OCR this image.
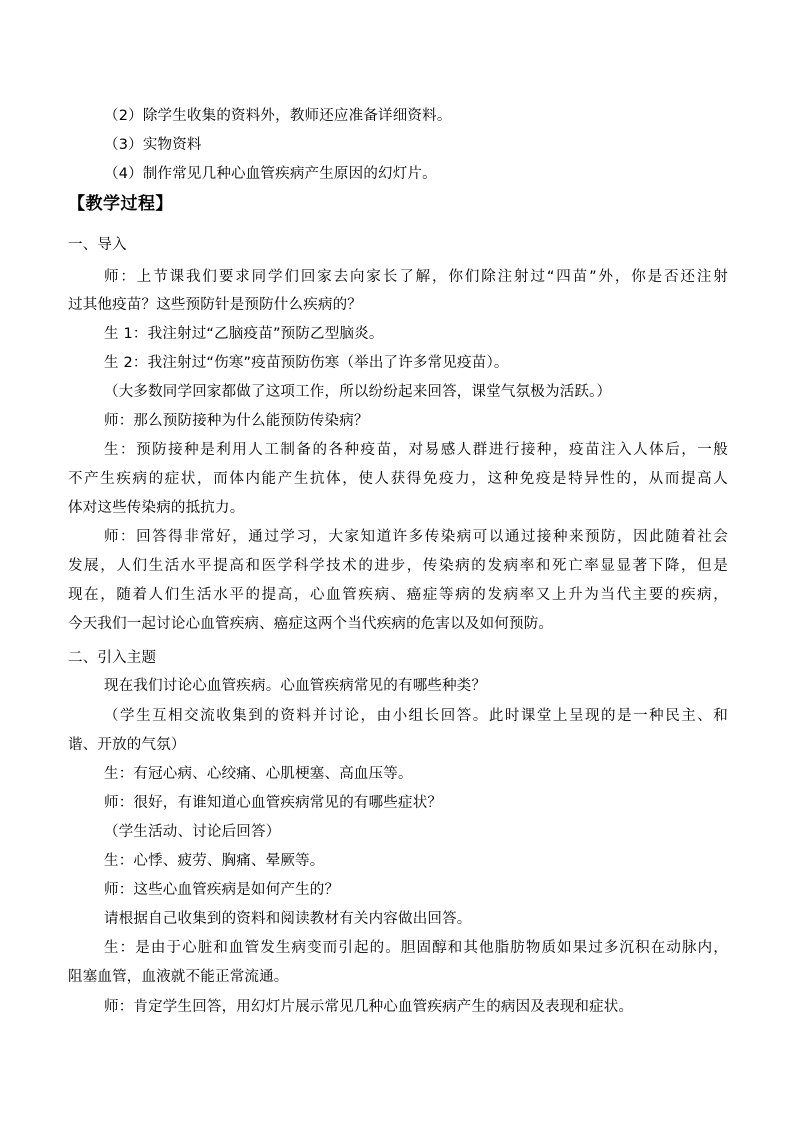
（2）除学生收集的资料外，教师还应准备详细资料。
（3）实物资料
（4）制作常见几种心血管疾病产生原因的幻灯片。
【教学过程】
一、导入
师：上节课我们要求同学们回家去向家长了解，你们除注射过“四苗”外，你是否还注射
过其他疫苗？这些预防针是预防什么疾病的？
生 1：我注射过“乙脑疫苗”预防乙型脑炎。
生 2：我注射过“伤寒”疫苗预防伤寒（举出了许多常见疫苗）。
（大多数同学回家都做了这项工作，所以纷纷起来回答，课堂气氛极为活跃。）
师：那么预防接种为什么能预防传染病？
生：预防接种是利用人工制备的各种疫苗，对易感人群进行接种，疫苗注入人体后，一般
不产生疾病的症状，而体内能产生抗体，使人获得免疫力，这种免疫是特异性的，从而提高人
体对这些传染病的抵抗力。
师：回答得非常好，通过学习，大家知道许多传染病可以通过接种来预防，因此随着社会
发展，人们生活水平提高和医学科学技术的进步，传染病的发病率和死亡率显显著下降，但是
现在，随着人们生活水平的提高，心血管疾病、癌症等病的发病率又上升为当代主要的疾病，
今天我们一起讨论心血管疾病、癌症这两个当代疾病的危害以及如何预防。
二、引入主题
现在我们讨论心血管疾病。心血管疾病常见的有哪些种类？
（学生互相交流收集到的资料并讨论，由小组长回答。此时课堂上呈现的是一种民主、和
谐、开放的气氛）
生：有冠心病、心绞痛、心肌梗塞、高血压等。
师：很好，有谁知道心血管疾病常见的有哪些症状？
（学生活动、讨论后回答）
生：心悸、疲劳、胸痛、晕厥等。
师：这些心血管疾病是如何产生的？
请根据自己收集到的资料和阅读教材有关内容做出回答。
生：是由于心脏和血管发生病变而引起的。胆固醇和其他脂肪物质如果过多沉积在动脉内，
阻塞血管，血液就不能正常流通。
师：肯定学生回答，用幻灯片展示常见几种心血管疾病产生的病因及表现和症状。
